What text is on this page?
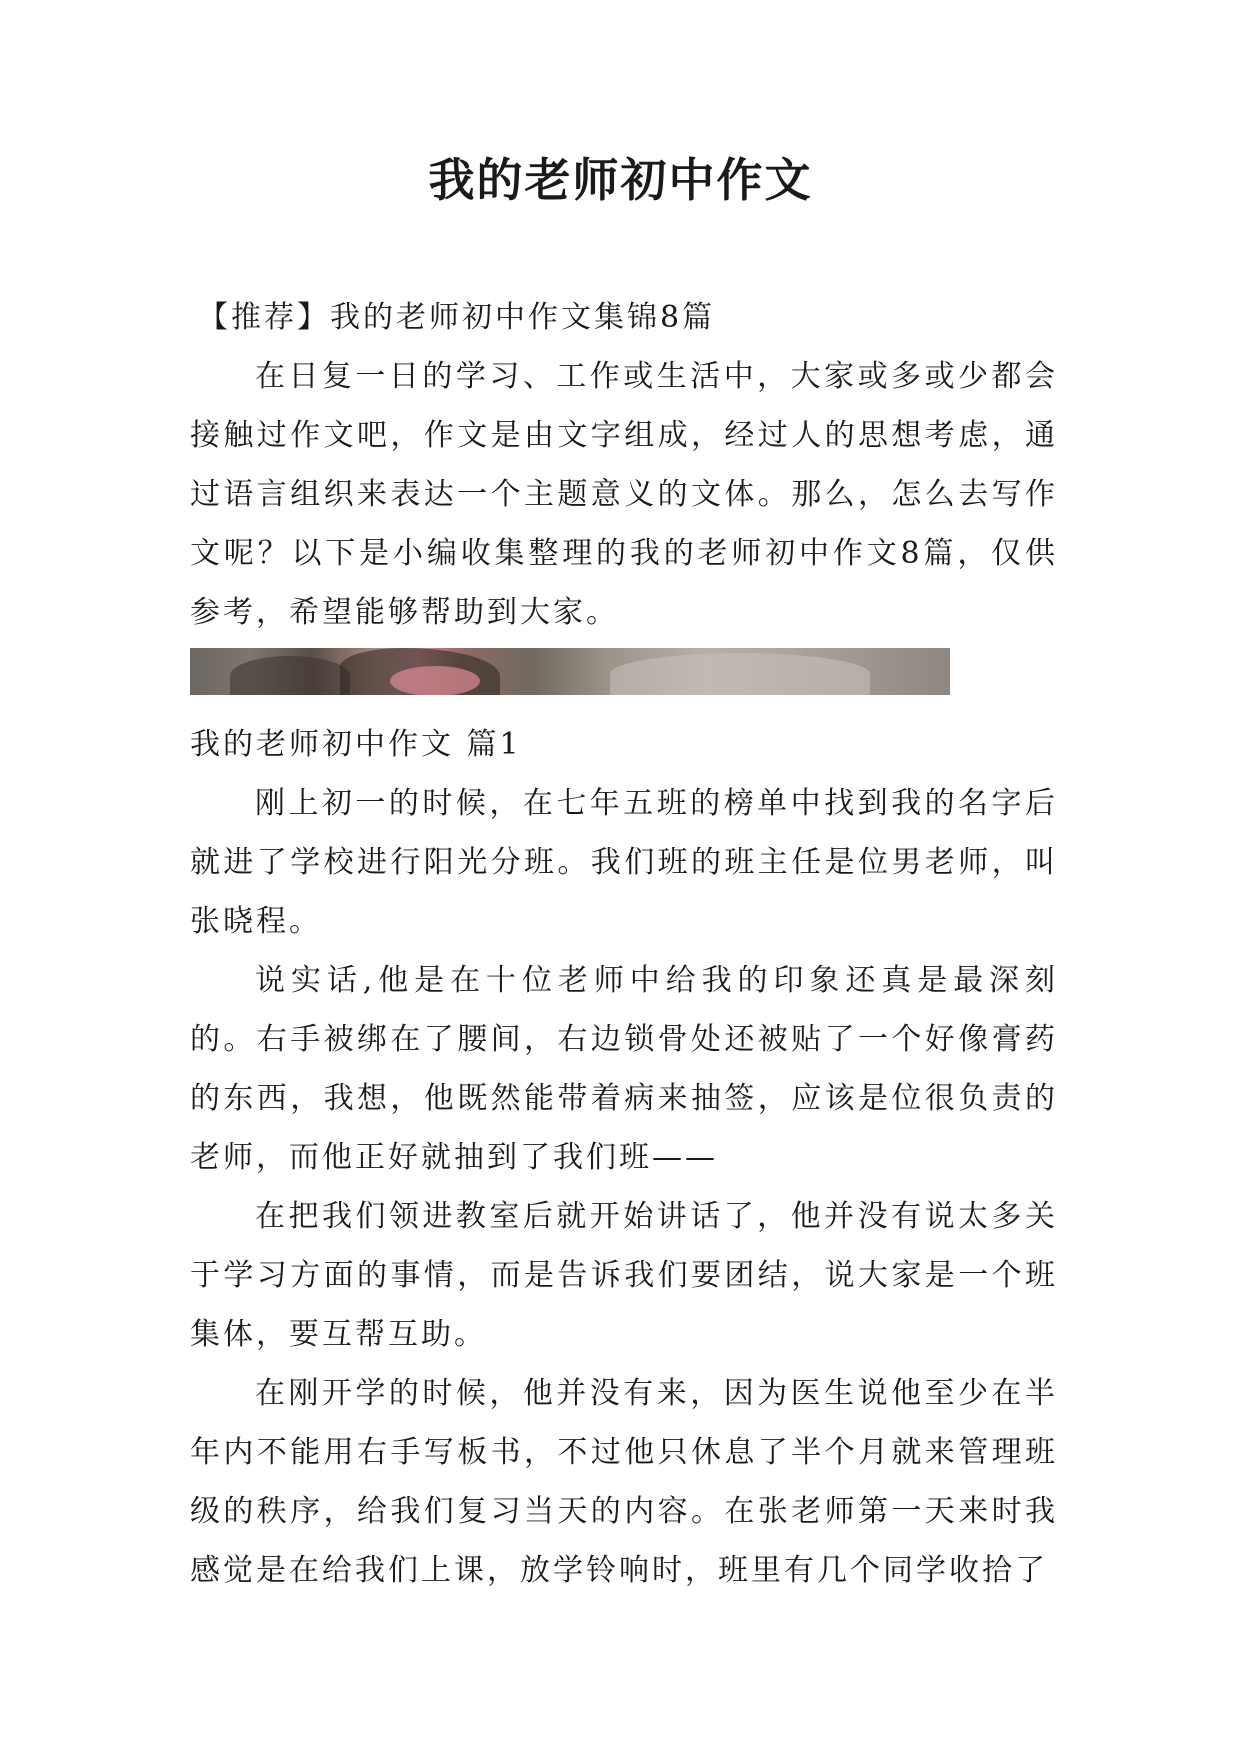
我的老师初中作文

【推荐】我的老师初中作文集锦8篇

在日复一日的学习、工作或生活中，大家或多或少都会接触过作文吧，作文是由文字组成，经过人的思想考虑，通过语言组织来表达一个主题意义的文体。那么，怎么去写作文呢？以下是小编收集整理的我的老师初中作文8篇，仅供参考，希望能够帮助到大家。

我的老师初中作文 篇1

刚上初一的时候，在七年五班的榜单中找到我的名字后就进了学校进行阳光分班。我们班的班主任是位男老师，叫张晓程。

说实话,他是在十位老师中给我的印象还真是最深刻的。右手被绑在了腰间，右边锁骨处还被贴了一个好像膏药的东西，我想，他既然能带着病来抽签，应该是位很负责的老师，而他正好就抽到了我们班——

在把我们领进教室后就开始讲话了，他并没有说太多关于学习方面的事情，而是告诉我们要团结，说大家是一个班集体，要互帮互助。

在刚开学的时候，他并没有来，因为医生说他至少在半年内不能用右手写板书，不过他只休息了半个月就来管理班级的秩序，给我们复习当天的内容。在张老师第一天来时我感觉是在给我们上课，放学铃响时，班里有几个同学收拾了
